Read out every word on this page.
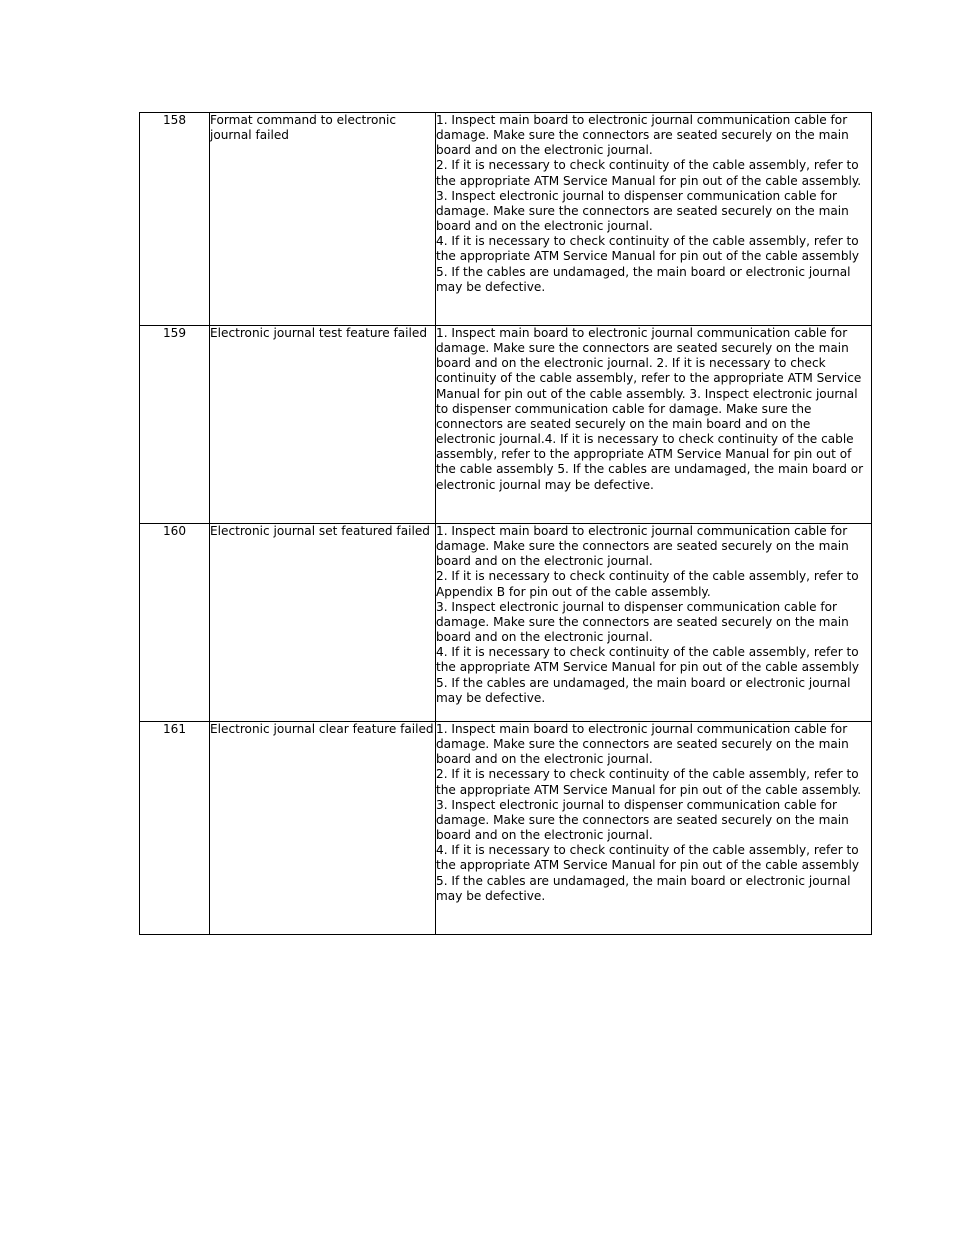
158	Format command to electronic journal failed	1. Inspect main board to electronic journal communication cable for damage. Make sure the connectors are seated securely on the main board and on the electronic journal.
2. If it is necessary to check continuity of the cable assembly, refer to the appropriate ATM Service Manual for pin out of the cable assembly.
3. Inspect electronic journal to dispenser communication cable for damage. Make sure the connectors are seated securely on the main board and on the electronic journal.
4. If it is necessary to check continuity of the cable assembly, refer to the appropriate ATM Service Manual for pin out of the cable assembly
5. If the cables are undamaged, the main board or electronic journal may be defective.

159	Electronic journal test feature failed	1. Inspect main board to electronic journal communication cable for damage. Make sure the connectors are seated securely on the main board and on the electronic journal. 2. If it is necessary to check continuity of the cable assembly, refer to the appropriate ATM Service Manual for pin out of the cable assembly. 3. Inspect electronic journal to dispenser communication cable for damage. Make sure the connectors are seated securely on the main board and on the electronic journal.4. If it is necessary to check continuity of the cable assembly, refer to the appropriate ATM Service Manual for pin out of the cable assembly 5. If the cables are undamaged, the main board or electronic journal may be defective.

160	Electronic journal set featured failed	1. Inspect main board to electronic journal communication cable for damage. Make sure the connectors are seated securely on the main board and on the electronic journal.
2. If it is necessary to check continuity of the cable assembly, refer to Appendix B for pin out of the cable assembly.
3. Inspect electronic journal to dispenser communication cable for damage. Make sure the connectors are seated securely on the main board and on the electronic journal.
4. If it is necessary to check continuity of the cable assembly, refer to the appropriate ATM Service Manual for pin out of the cable assembly
5. If the cables are undamaged, the main board or electronic journal may be defective.

161	Electronic journal clear feature failed	1. Inspect main board to electronic journal communication cable for damage. Make sure the connectors are seated securely on the main board and on the electronic journal.
2. If it is necessary to check continuity of the cable assembly, refer to the appropriate ATM Service Manual for pin out of the cable assembly.
3. Inspect electronic journal to dispenser communication cable for damage. Make sure the connectors are seated securely on the main board and on the electronic journal.
4. If it is necessary to check continuity of the cable assembly, refer to the appropriate ATM Service Manual for pin out of the cable assembly
5. If the cables are undamaged, the main board or electronic journal may be defective.
